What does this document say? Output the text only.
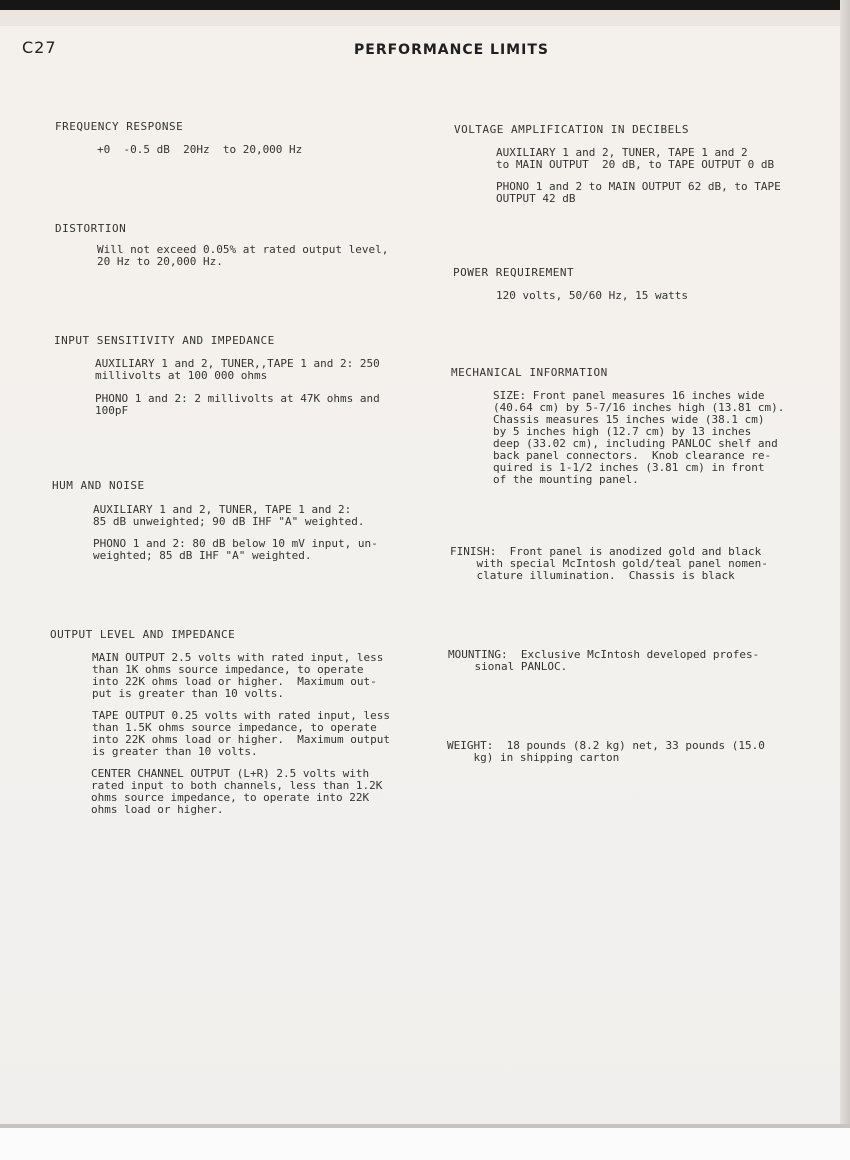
C27	PERFORMANCE LIMITS
FREQUENCY RESPONSE
+0  -0.5 dB  20Hz  to 20,000 Hz
DISTORTION
Will not exceed 0.05% at rated output level,
20 Hz to 20,000 Hz.
INPUT SENSITIVITY AND IMPEDANCE
AUXILIARY 1 and 2, TUNER,,TAPE 1 and 2: 250
millivolts at 100 000 ohms
PHONO 1 and 2: 2 millivolts at 47K ohms and
100pF
HUM AND NOISE
AUXILIARY 1 and 2, TUNER, TAPE 1 and 2:
85 dB unweighted; 90 dB IHF "A" weighted.
PHONO 1 and 2: 80 dB below 10 mV input, un-
weighted; 85 dB IHF "A" weighted.
OUTPUT LEVEL AND IMPEDANCE
MAIN OUTPUT 2.5 volts with rated input, less
than 1K ohms source impedance, to operate
into 22K ohms load or higher.  Maximum out-
put is greater than 10 volts.
TAPE OUTPUT 0.25 volts with rated input, less
than 1.5K ohms source impedance, to operate
into 22K ohms load or higher.  Maximum output
is greater than 10 volts.
CENTER CHANNEL OUTPUT (L+R) 2.5 volts with
rated input to both channels, less than 1.2K
ohms source impedance, to operate into 22K
ohms load or higher.
VOLTAGE AMPLIFICATION IN DECIBELS
AUXILIARY 1 and 2, TUNER, TAPE 1 and 2
to MAIN OUTPUT  20 dB, to TAPE OUTPUT 0 dB
PHONO 1 and 2 to MAIN OUTPUT 62 dB, to TAPE
OUTPUT 42 dB
POWER REQUIREMENT
120 volts, 50/60 Hz, 15 watts
MECHANICAL INFORMATION
SIZE: Front panel measures 16 inches wide
(40.64 cm) by 5-7/16 inches high (13.81 cm).
Chassis measures 15 inches wide (38.1 cm)
by 5 inches high (12.7 cm) by 13 inches
deep (33.02 cm), including PANLOC shelf and
back panel connectors.  Knob clearance re-
quired is 1-1/2 inches (3.81 cm) in front
of the mounting panel.
FINISH:  Front panel is anodized gold and black
with special McIntosh gold/teal panel nomen-
clature illumination.  Chassis is black
MOUNTING:  Exclusive McIntosh developed profes-
sional PANLOC.
WEIGHT:  18 pounds (8.2 kg) net, 33 pounds (15.0
kg) in shipping carton
